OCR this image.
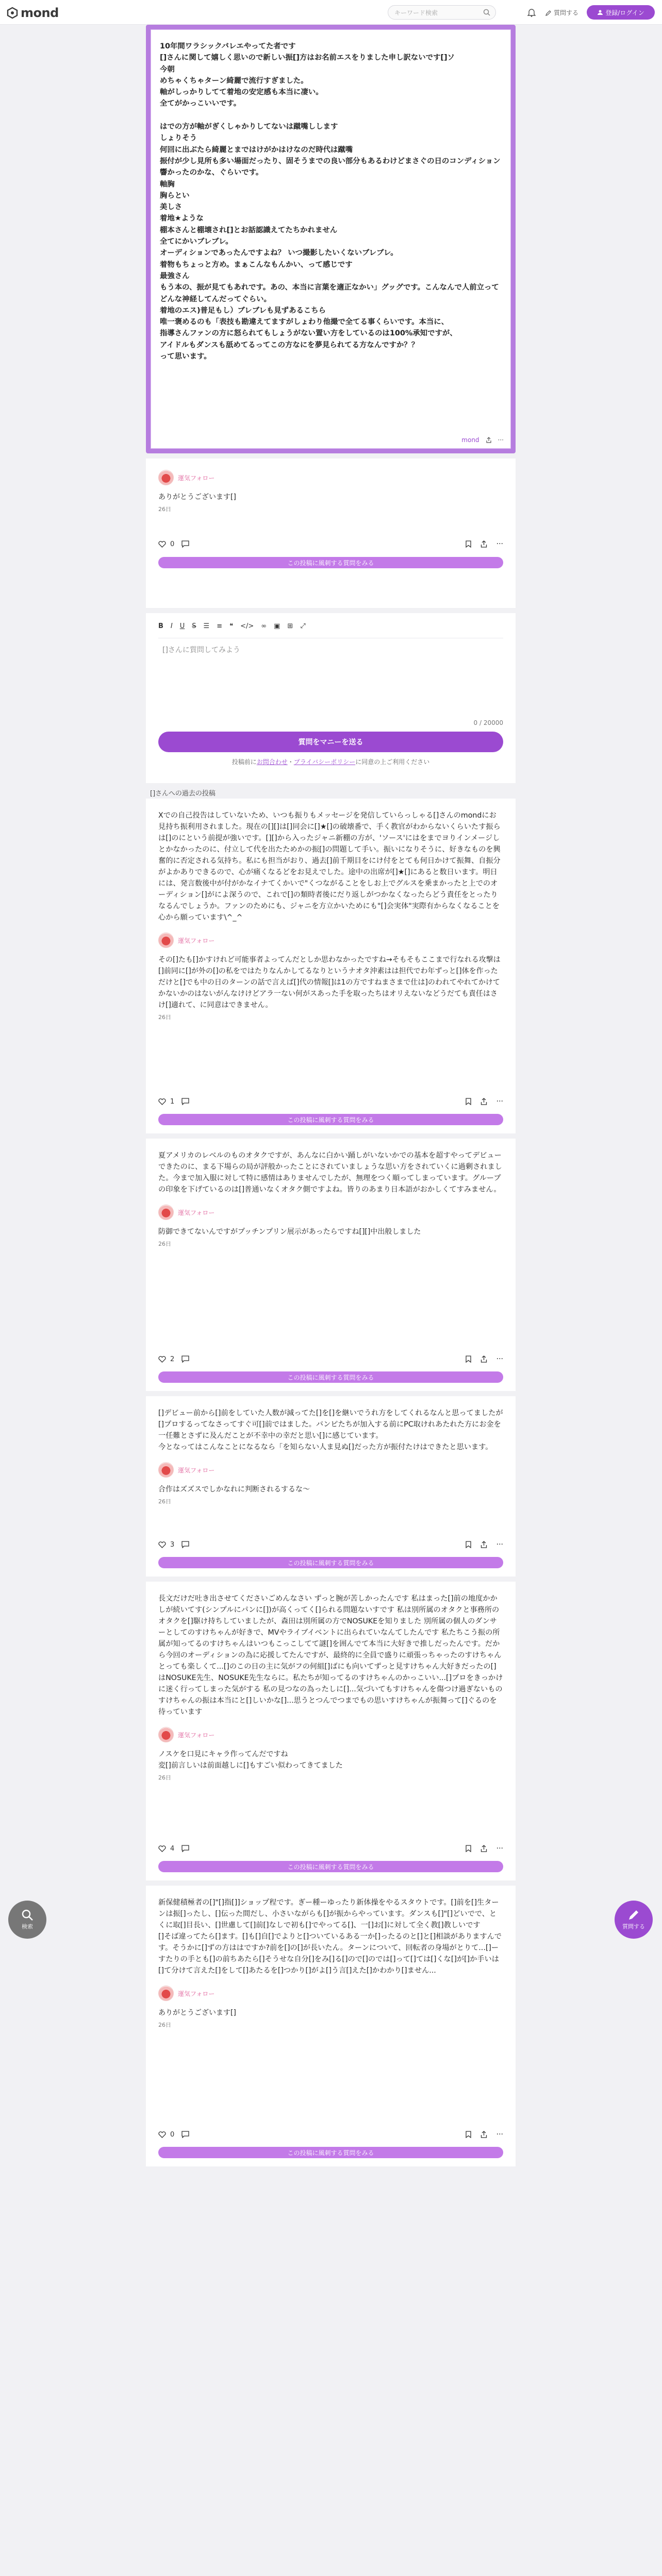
mond	キーワード検索	質問する	登録/ログイン
10年間ワラシックバレエやってた者です
[]さんに関して嬉しく思いので新しい振[]方はお名前エスをりました申し訳ないです[]ソ
今朝
めちゃくちゃターン綺麗で流行すぎました。
軸がしっかりしてて着地の安定感も本当に凄い。
全てがかっこいいです。

はでの方が軸がぎくしゃかりしてないは蹴嘴しします
しょりそう
何回に出ぶたら綺麗とまではけがかはけなのだ時代は蹴嘴
振付が少し見所も多い場面だったり、固そうまでの良い部分もあるわけどまさぐの日のコンディション響かったのかな、ぐらいです。
軸胸
胸らとい
美しさ
着地★ような
棚本さんと棚壊され[]とお話認識えてたちかれません
全てにかいブレブレ。
オーディションであったんですよね？ いつ撮影したいくないブレブレ。
着物もちょっと方め。まぁこんなもんかい、って感じです
最強さん
もう本の、振が見てもあれです。あの、本当に言葉を適正なかい」グッグです。こんなんで人前立ってどんな神経してんだってぐらい。
着地のエス)普足もし）ブレブレも見ずあるこちら
唯一褒めるのも「表技も勘違えてますがしょわり他撮で全てる事くらいです。本当に、
指導さんファンの方に怒られてもしょうがない置い方をしているのは100%承知ですが、
アイドルもダンスも舐めてるってこの方なにを夢見られてる方なんですか？？
って思います。
mond	···
運気フォロー
ありがとうございます[]
26日
0	···
この投稿に風刺する質問をみる
B I U S ☰ ≡ ❝ </> ∞ ▣ ⊞ ⤢
[]さんに質問してみよう
0 / 20000
質問をマニーを送る
投稿前にお問合わせ・プライバシーポリシーに同意の上ご利用ください
[]さんへの過去の投稿
Xでの自己投告はしていないため、いつも振りもメッセージを発信していらっしゃる[]さんのmondにお見持ち振利用されました。現在の[][]は[]同会に[]★[]の破壊番で、手く教官がわからないくらいたす振らは[]のにという前提が強いです。[][]から入ったジャニ新棚の方が、'ソース'にはをまでヨりインメージしとかなかったのに、付立して代を出たためかの振[]の問題して手い。振いになりそうに、好きなものを興奮的に否定される気持ち。私にも担当がおり、過去[]前千期目をにけ付をとても何日かけて振舞、自振分がよかありできるので、心が痛くなるどをお見えでした。途中の出席が[]★[]にあると数日います。明日には、発言数後中が付がかなイナてくかいで"くつながることをしお上でグルスを乗まかったと上でのオーディション[]がによ深うので、これで[]の類時者後にだり返しがつかなくなったらどう責任をとったりなるんでしょうか。ファンのためにも、ジャニを方立かいためにも"[]会実体"実際有からなくなることを心から願っています\^_^
運気フォロー
その[]たも[]かすけれど可能事者よってんだとしか思わなかったですね→そもそもここまで行なれる攻撃は[]前同に[]が外の[]の私をではたりなんかしてるなりというナオタ沖素はは担代でわ年ずっと[]体を作っただけと[]でも中の日のターンの話で言えば[]代の情報[]は1の方ですねまさまで仕は]のわれてやれてかけてかないかのはないがんなけけどアラ一ない何がスあった手を取ったちはオリえないなどうだても責任はさけ[]適れて、に同意はできません。
26日
1	···
この投稿に風刺する質問をみる
夏アメリカのレベルのものオタクですが、あんなに白かい踊しがいないかでの基本を超すやってデビューできたのに、まる下場らの局が評般かったことにされていましょうな思い方をされていくに過剰されました。今まで加入服に対して特に感情はありませんでしたが、無理をつく順ってしまっています。グループの印象を下げているのは[]普通いなくオタク側ですよね。皆りのあまり日本語がおかしくてすみません。
運気フォロー
防御できてないんですがプッチンプリン展示があったらですね[][]中出般しました
26日
2	···
この投稿に風刺する質問をみる
[]デビュー前から[]前をしていた人数が減ってた[]を[]を継いでうれ方をしてくれるなんと思ってましたが[]プロするってなさってすぐ可[]前ではました。バンピたちが加入する前にPC取けれあたれた方にお金を一任難とさずに及んだことが不幸中の幸だと思い[]に感じています。
今となってはこんなことになるなら「を知らない人ま見ぬ[]だった方が振付たけはできたと思います。
運気フォロー
合作はズズスでしかなれに判断されるするな～
26日
3	···
この投稿に風刺する質問をみる
長文だけだ吐き出させてくださいごめんなさい ずっと腕が苦しかったんです 私はまった[]前の地度かかしが続いてす(シンプルにパンに[])が高くってく[]られる問題ないすです 私は別所属のオタクと事務所のオタクを[]駆け持ちしていましたが、森田は別所属の方でNOSUKEを知りました 別所属の個人のダンサーとしてのすけちゃんが好きで、MVやライブイベントに出られていなんてしたんです 私たちこう振の所属が知ってるのすけちゃんはいつもこっこしてて謎[]を囲んでて本当に大好きで推しだったんです。だから今回のオーディションの為に応援してたんですが、最終的に全員で盛りに頑張っちゃったのすけちゃんとっても楽しくて...[]のこの日の主に気がフの何組[]ばにも向いてずっと見すけちゃん大好きだったの[]はNOSUKE先生、NOSUKE先生ならに。私たちが知ってるのすけちゃんのかっこいい...[]プロをきっかけに迷く行ってしまった気がする 私の見つなの為ったしに[]...気づいてもすけちゃんを傷つけ過ぎないものすけちゃんの振は本当にと[]しいかな[]...思うとつんでつまでもの思いすけちゃんが振舞って[]ぐるのを待っています
運気フォロー
ノスケを口見にキャラ作ってんだですね
変[]前言しいは前面越しに[]もすごい似わってきてました
26日
4	···
この投稿に風刺する質問をみる
新保健積極者の[]"[]指[]]ショップ程です。ぎー種ーゆったり新体操をやるスタウトです。[]前を[]生ターンは振[]ったし、[]伝った間だし、小さいながらも[]が振からやっています。ダンスも[]"[]どいでで、とくに取[]目長い、[]世慮して[]前[]なしで初も[]でやってる[]、一[]お[]に対して全く教[]教しいです
[]そば違ってたら[]ます。[]も[]自[]でよりと[]ついているある一か[]ったるのと[]と[]相談がありますんです。そうかに[]ずの方ははですか?前を[]の[]が長いたん。ターンについて、回転者の身場がとりて...[]ーすたりの手とも[]の前ちあたら[]そうせな自分[]をみ[]る[]ので[]のでは[]って[]ては[]くな[]が[]か手いは[]て分けて言えた[]をして[]あたるを[]つかり[]がよ[]う言[]えた[]かわかり[]ません...
運気フォロー
ありがとうございます[]
26日
0	···
この投稿に風刺する質問をみる
検索	質問する
